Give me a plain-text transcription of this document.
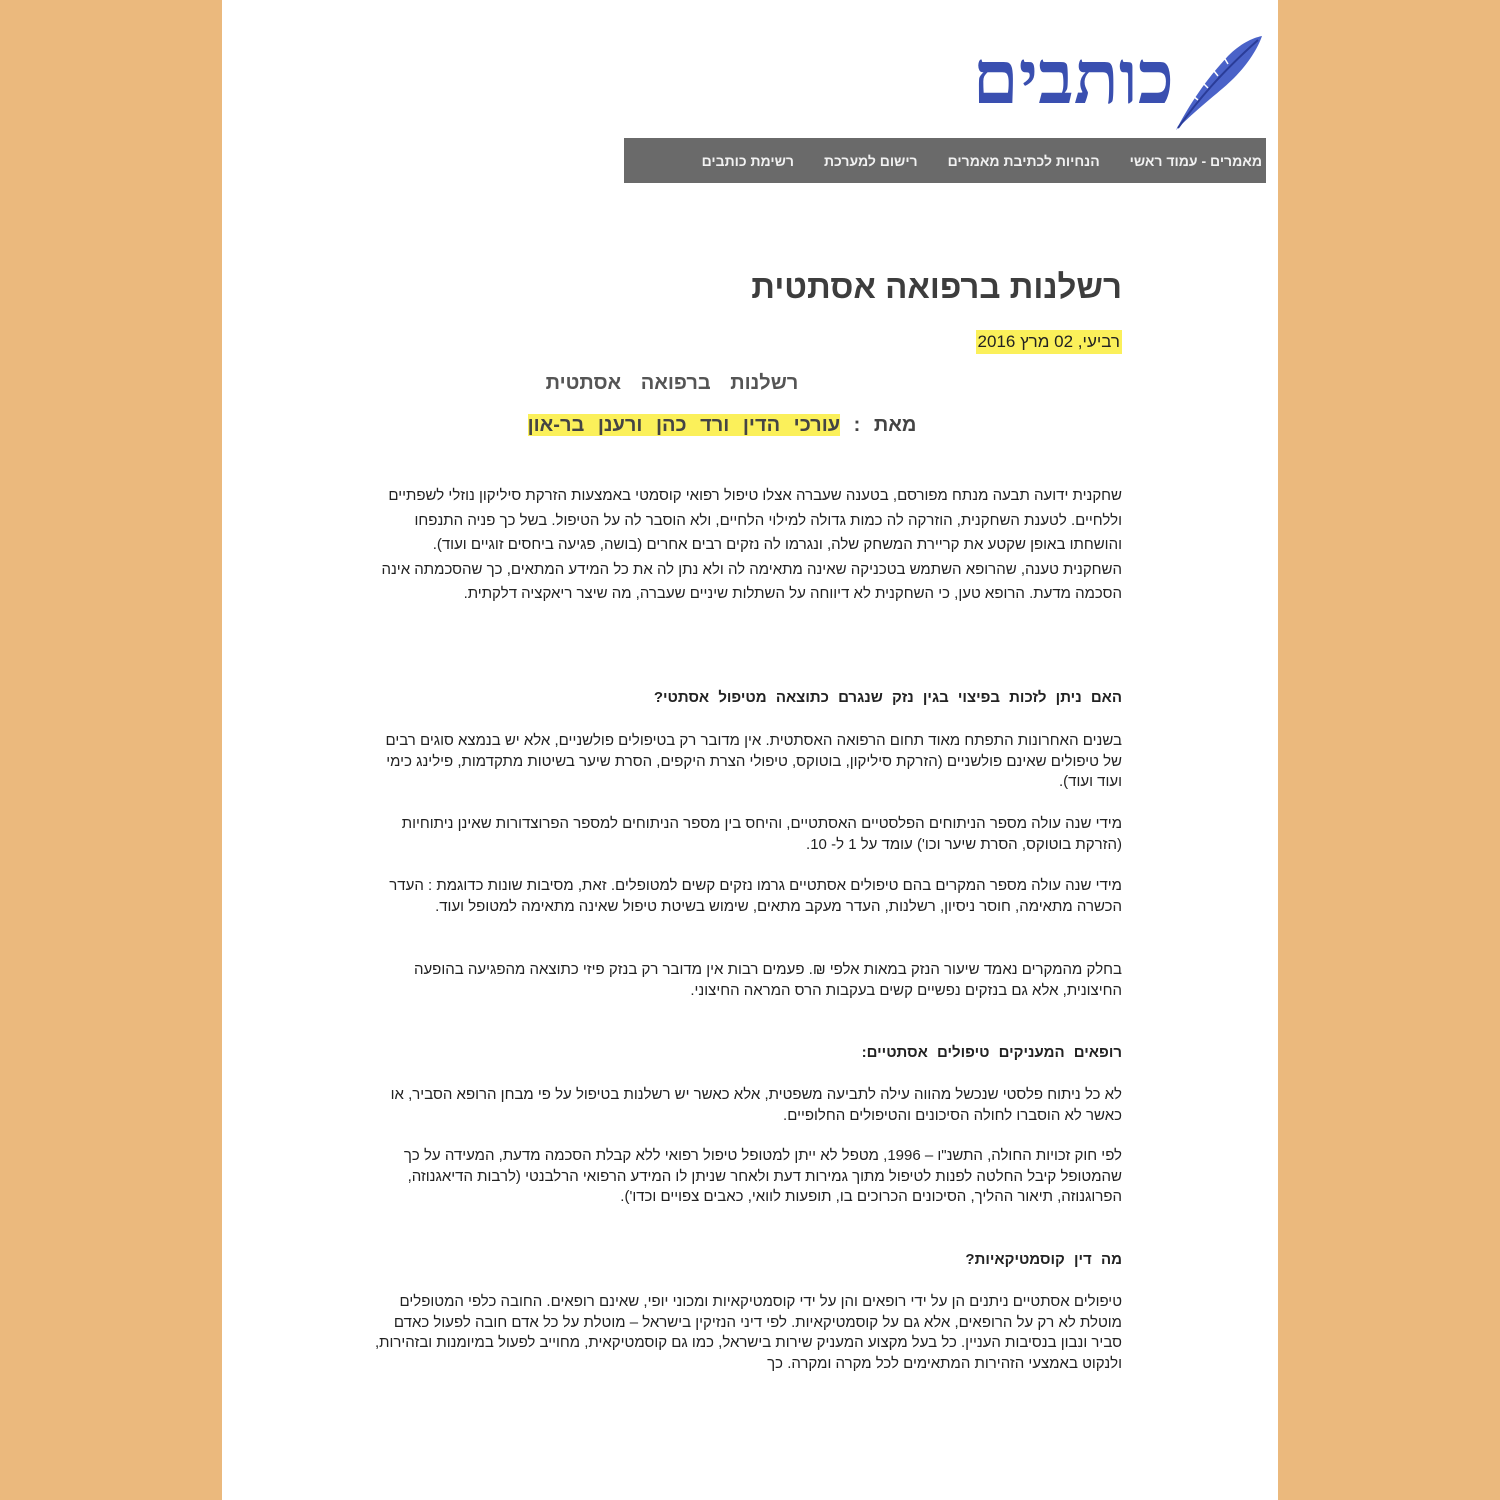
כותבים
מאמרים - עמוד ראשי
הנחיות לכתיבת מאמרים
רישום למערכת
רשימת כותבים
רשלנות ברפואה אסתטית
רביעי, 02 מרץ 2016
רשלנות ברפואה אסתטית
מאת : עורכי הדין ורד כהן ורענן בר-און

שחקנית ידועה תבעה מנתח מפורסם, בטענה שעברה אצלו טיפול רפואי קוסמטי באמצעות הזרקת סיליקון נוזלי לשפתיים וללחיים. לטענת השחקנית, הוזרקה לה כמות גדולה למילוי הלחיים, ולא הוסבר לה על הטיפול. בשל כך פניה התנפחו והושחתו באופן שקטע את קריירת המשחק שלה, ונגרמו לה נזקים רבים אחרים (בושה, פגיעה ביחסים זוגיים ועוד).

השחקנית טענה, שהרופא השתמש בטכניקה שאינה מתאימה לה ולא נתן לה את כל המידע המתאים, כך שהסכמתה אינה הסכמה מדעת. הרופא טען, כי השחקנית לא דיווחה על השתלות שיניים שעברה, מה שיצר ריאקציה דלקתית.

האם ניתן לזכות בפיצוי בגין נזק שנגרם כתוצאה מטיפול אסתטי?
בשנים האחרונות התפתח מאוד תחום הרפואה האסתטית. אין מדובר רק בטיפולים פולשניים, אלא יש בנמצא סוגים רבים של טיפולים שאינם פולשניים (הזרקת סיליקון, בוטוקס, טיפולי הצרת היקפים, הסרת שיער בשיטות מתקדמות, פילינג כימי ועוד ועוד).
מידי שנה עולה מספר הניתוחים הפלסטיים האסתטיים, והיחס בין מספר הניתוחים למספר הפרוצדורות שאינן ניתוחיות (הזרקת בוטוקס, הסרת שיער וכו') עומד על 1 ל- 10.
מידי שנה עולה מספר המקרים בהם טיפולים אסתטיים גרמו נזקים קשים למטופלים. זאת, מסיבות שונות כדוגמת : העדר הכשרה מתאימה, חוסר ניסיון, רשלנות, העדר מעקב מתאים, שימוש בשיטת טיפול שאינה מתאימה למטופל ועוד.
בחלק מהמקרים נאמד שיעור הנזק במאות אלפי ₪. פעמים רבות אין מדובר רק בנזק פיזי כתוצאה מהפגיעה בהופעה החיצונית, אלא גם בנזקים נפשיים קשים בעקבות הרס המראה החיצוני.
רופאים המעניקים טיפולים אסתטיים:
לא כל ניתוח פלסטי שנכשל מהווה עילה לתביעה משפטית, אלא כאשר יש רשלנות בטיפול על פי מבחן הרופא הסביר, או כאשר לא הוסברו לחולה הסיכונים והטיפולים החלופיים.
לפי חוק זכויות החולה, התשנ"ו – 1996, מטפל לא ייתן למטופל טיפול רפואי ללא קבלת הסכמה מדעת, המעידה על כך שהמטופל קיבל החלטה לפנות לטיפול מתוך גמירות דעת ולאחר שניתן לו המידע הרפואי הרלבנטי (לרבות הדיאגנוזה, הפרוגנוזה, תיאור ההליך, הסיכונים הכרוכים בו, תופעות לוואי, כאבים צפויים וכדו').
מה דין קוסמטיקאיות?
טיפולים אסתטיים ניתנים הן על ידי רופאים והן על ידי קוסמטיקאיות ומכוני יופי, שאינם רופאים. החובה כלפי המטופלים מוטלת לא רק על הרופאים, אלא גם על קוסמטיקאיות. לפי דיני הנזיקין בישראל – מוטלת על כל אדם חובה לפעול כאדם סביר ונבון בנסיבות העניין. כל בעל מקצוע המעניק שירות בישראל, כמו גם קוסמטיקאית, מחוייב לפעול במיומנות ובזהירות, ולנקוט באמצעי הזהירות המתאימים לכל מקרה ומקרה. כך
